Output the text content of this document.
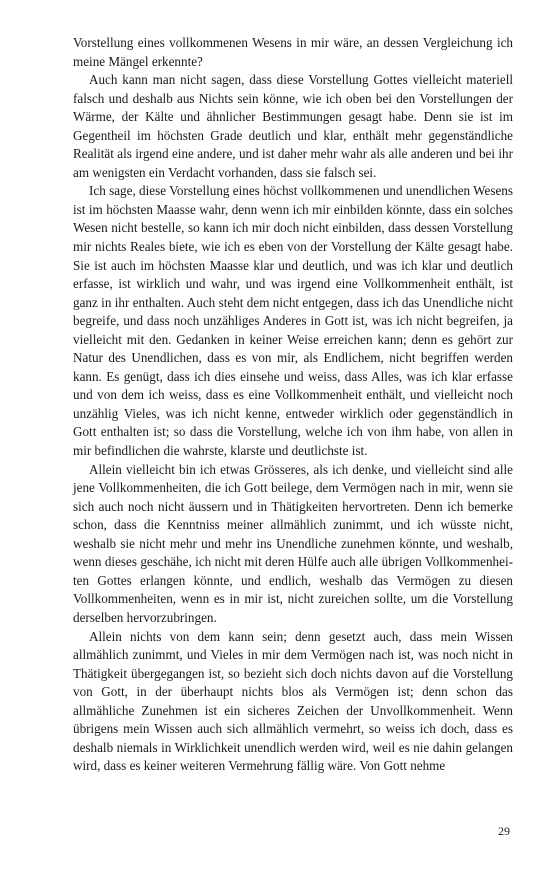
Vorstellung eines vollkommenen Wesens in mir wäre, an dessen Vergleichung ich meine Mängel erkennte?

Auch kann man nicht sagen, dass diese Vorstellung Gottes vielleicht materiell falsch und deshalb aus Nichts sein könne, wie ich oben bei den Vorstellungen der Wärme, der Kälte und ähnlicher Bestimmungen gesagt habe. Denn sie ist im Gegentheil im höchsten Grade deutlich und klar, enthält mehr gegenständliche Realität als irgend eine andere, und ist daher mehr wahr als alle anderen und bei ihr am wenigsten ein Verdacht vorhanden, dass sie falsch sei.

Ich sage, diese Vorstellung eines höchst vollkommenen und unendlichen Wesens ist im höchsten Maasse wahr, denn wenn ich mir einbilden könnte, dass ein solches Wesen nicht bestelle, so kann ich mir doch nicht einbilden, dass dessen Vorstellung mir nichts Reales biete, wie ich es eben von der Vorstellung der Kälte gesagt habe. Sie ist auch im höchsten Maasse klar und deutlich, und was ich klar und deutlich erfasse, ist wirklich und wahr, und was irgend eine Vollkommenheit enthält, ist ganz in ihr enthalten. Auch steht dem nicht entgegen, dass ich das Unendliche nicht begreife, und dass noch unzähliges Anderes in Gott ist, was ich nicht begreifen, ja vielleicht mit den. Gedanken in keiner Weise erreichen kann; denn es gehört zur Natur des Unendlichen, dass es von mir, als Endlichem, nicht begriffen werden kann. Es genügt, dass ich dies einsehe und weiss, dass Alles, was ich klar erfasse und von dem ich weiss, dass es eine Vollkommenheit enthält, und vielleicht noch unzählig Vieles, was ich nicht kenne, entweder wirklich oder gegenständlich in Gott enthalten ist; so dass die Vorstellung, welche ich von ihm habe, von allen in mir befindlichen die wahrste, klarste und deutlichste ist.

Allein vielleicht bin ich etwas Grösseres, als ich denke, und vielleicht sind alle jene Vollkommenheiten, die ich Gott beilege, dem Vermögen nach in mir, wenn sie sich auch noch nicht äussern und in Thätigkeiten hervortreten. Denn ich bemerke schon, dass die Kenntniss meiner allmählich zunimmt, und ich wüsste nicht, weshalb sie nicht mehr und mehr ins Unendliche zunehmen könnte, und weshalb, wenn dieses geschähe, ich nicht mit deren Hülfe auch alle übrigen Vollkommenheiten Gottes erlangen könnte, und endlich, weshalb das Vermögen zu diesen Vollkommenheiten, wenn es in mir ist, nicht zureichen sollte, um die Vorstellung derselben hervorzubringen.

Allein nichts von dem kann sein; denn gesetzt auch, dass mein Wissen allmählich zunimmt, und Vieles in mir dem Vermögen nach ist, was noch nicht in Thätigkeit übergegangen ist, so bezieht sich doch nichts davon auf die Vorstellung von Gott, in der überhaupt nichts blos als Vermögen ist; denn schon das allmähliche Zunehmen ist ein sicheres Zeichen der Unvollkommenheit. Wenn übrigens mein Wissen auch sich allmählich vermehrt, so weiss ich doch, dass es deshalb niemals in Wirklichkeit unendlich werden wird, weil es nie dahin gelangen wird, dass es keiner weiteren Vermehrung fällig wäre. Von Gott nehme

29
